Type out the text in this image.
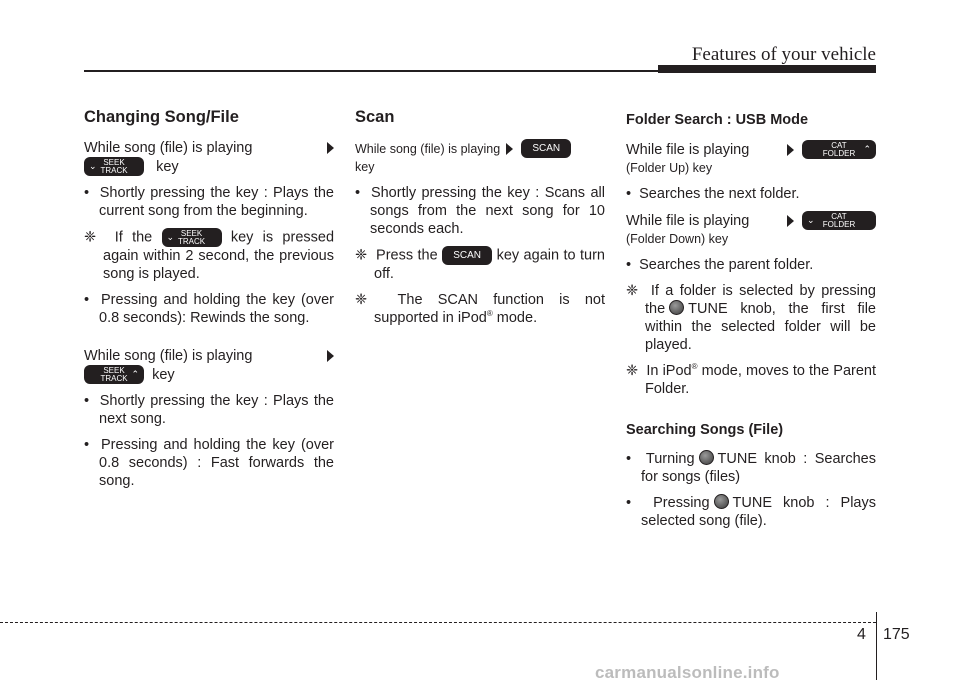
Features of your vehicle
Changing Song/File
While song (file) is playing
⌄ SEEK
TRACK
key
• Shortly pressing the key : Plays the current song from the beginning.
❈ If the ⌄ SEEK
TRACK key is pressed again within 2 second, the previous song is played.
• Pressing and holding the key (over 0.8 seconds): Rewinds the song.
While song (file) is playing
⌃
SEEK
TRACK
key
• Shortly pressing the key : Plays the next song.
• Pressing and holding the key (over 0.8 seconds) : Fast forwards the song.
Scan
While song (file) is playing
	SCAN
key
• Shortly pressing the key : Scans all songs from the next song for 10 seconds each.
❈ Press the SCAN key again to turn off.
❈ The SCAN function is not supported in iPod® mode.
Folder Search : USB Mode
While file is playing
	⌃
CAT
FOLDER
(Folder Up) key
• Searches the next folder.
While file is playing
	⌄	CAT
FOLDER
(Folder Down) key
• Searches the parent folder.
❈ If a folder is selected by pressing the TUNE knob, the first file within the selected folder will be played.
❈ In iPod® mode, moves to the Parent Folder.
Searching Songs (File)
• Turning TUNE knob : Searches for songs (files)
• Pressing TUNE knob : Plays selected song (file).
4 175
carmanualsonline.info
